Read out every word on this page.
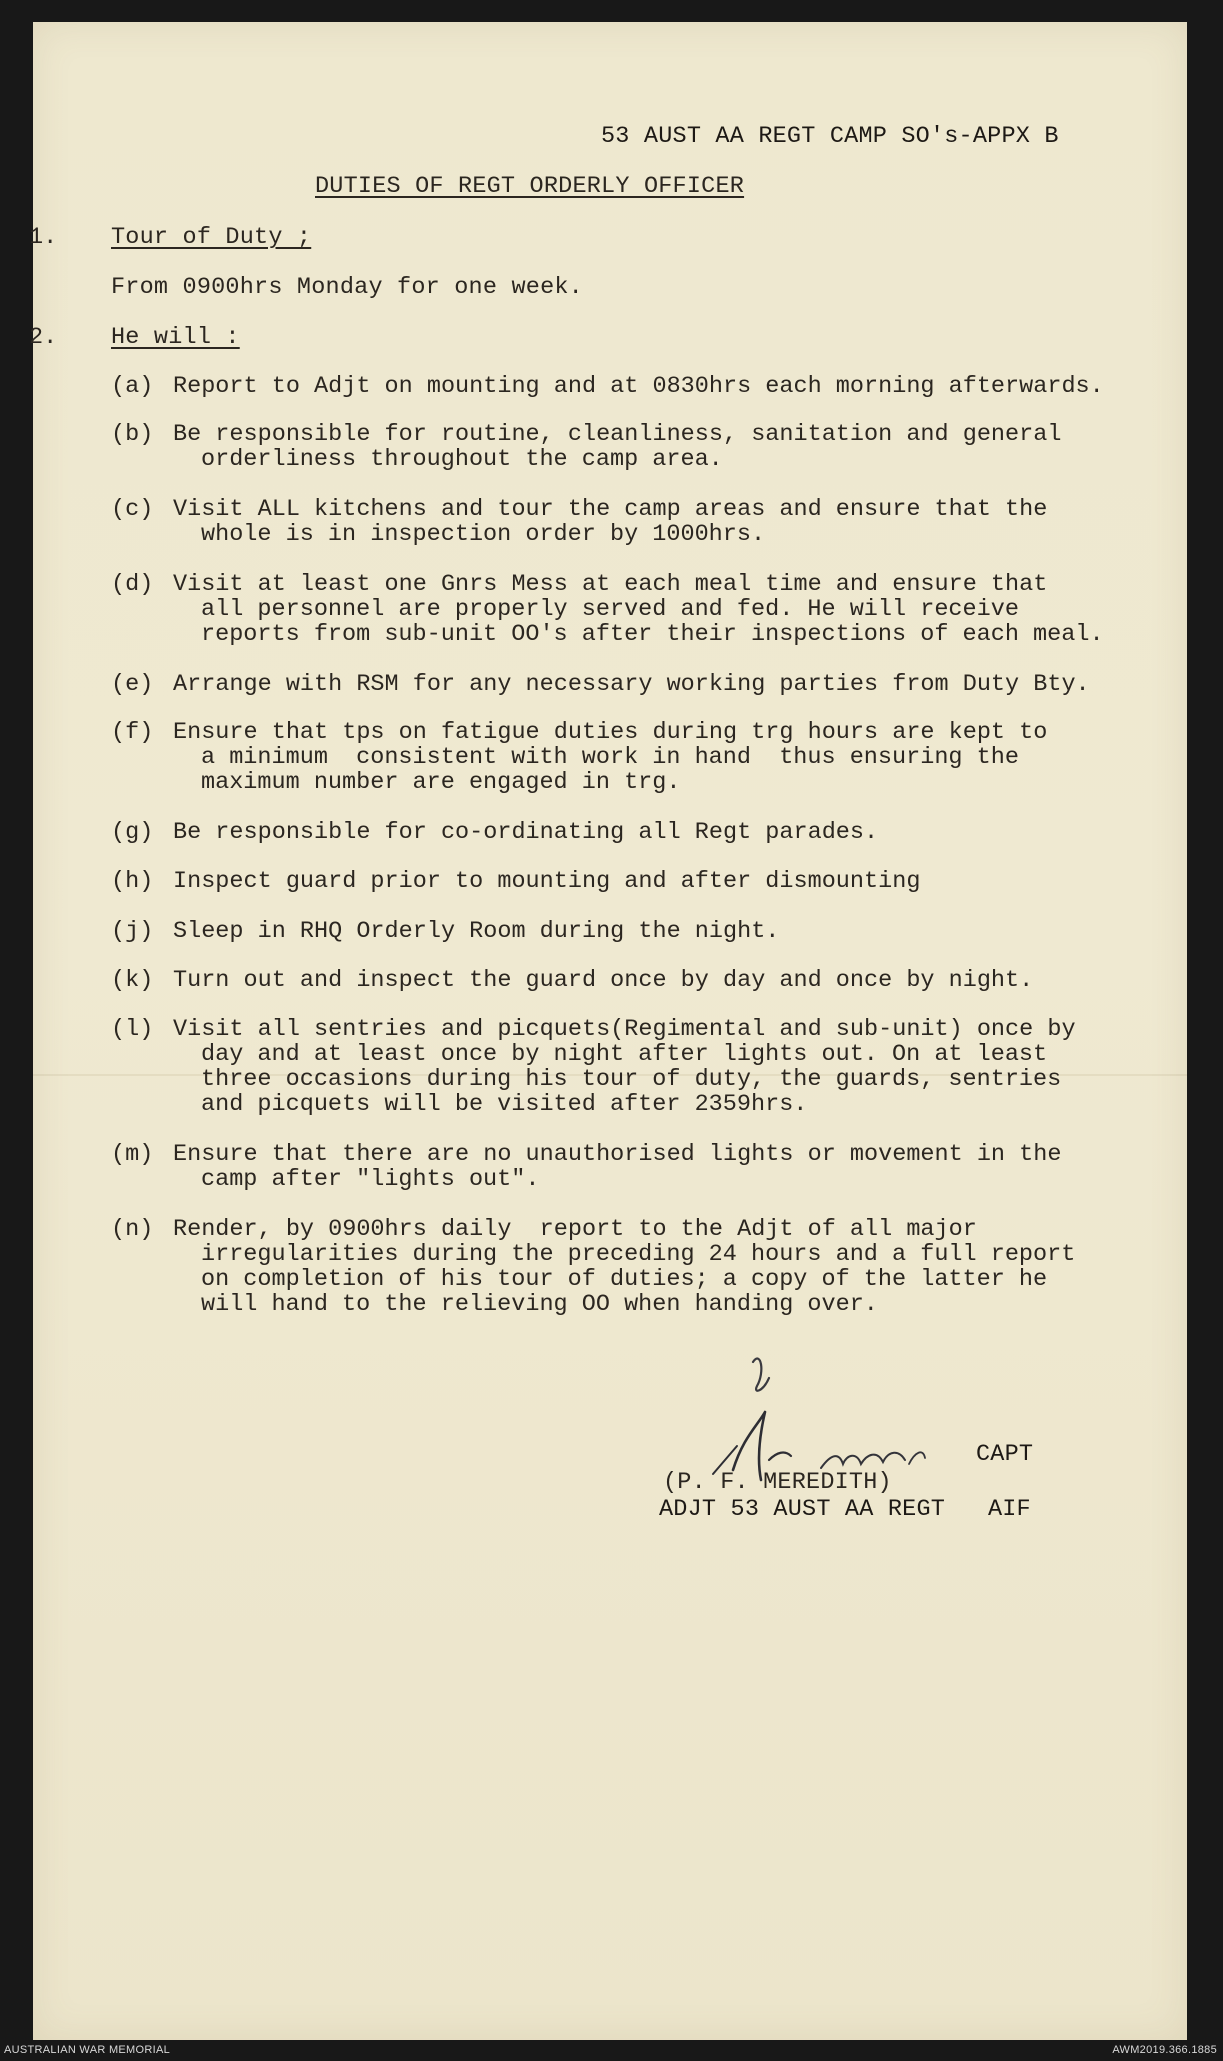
53 AUST AA REGT CAMP SO's-APPX B
DUTIES OF REGT ORDERLY OFFICER
1. Tour of Duty ;
From 0900hrs Monday for one week.
2. He will :
(a) Report to Adjt on mounting and at 0830hrs each morning afterwards.
(b) Be responsible for routine, cleanliness, sanitation and general
orderliness throughout the camp area.
(c) Visit ALL kitchens and tour the camp areas and ensure that the
whole is in inspection order by 1000hrs.
(d) Visit at least one Gnrs Mess at each meal time and ensure that
all personnel are properly served and fed. He will receive
reports from sub-unit OO's after their inspections of each meal.
(e) Arrange with RSM for any necessary working parties from Duty Bty.
(f) Ensure that tps on fatigue duties during trg hours are kept to
a minimum  consistent with work in hand  thus ensuring the
maximum number are engaged in trg.
(g) Be responsible for co-ordinating all Regt parades.
(h) Inspect guard prior to mounting and after dismounting
(j) Sleep in RHQ Orderly Room during the night.
(k) Turn out and inspect the guard once by day and once by night.
(l) Visit all sentries and picquets(Regimental and sub-unit) once by
day and at least once by night after lights out. On at least
three occasions during his tour of duty, the guards, sentries
and picquets will be visited after 2359hrs.
(m) Ensure that there are no unauthorised lights or movement in the
camp after "lights out".
(n) Render, by 0900hrs daily  report to the Adjt of all major
irregularities during the preceding 24 hours and a full report
on completion of his tour of duties; a copy of the latter he
will hand to the relieving OO when handing over.
CAPT
(P. F. MEREDITH)
ADJT 53 AUST AA REGT   AIF
AUSTRALIAN WAR MEMORIAL	AWM2019.366.1885
